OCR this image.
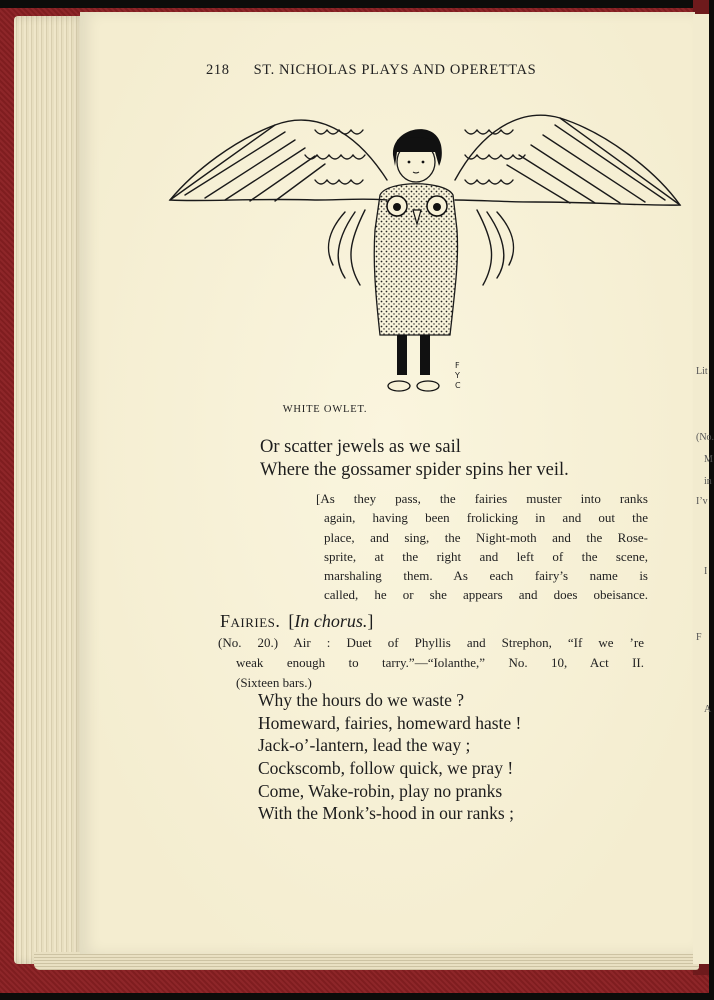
Lit
(No.
M
in
I’v
I
F
A
218 ST. NICHOLAS PLAYS AND OPERETTAS
F
Y
C
WHITE OWLET.
Or scatter jewels as we sail
Where the gossamer spider spins her veil.
[As they pass, the fairies muster into ranks
again, having been frolicking in and out the
place, and sing, the Night-moth and the Rose-
sprite, at the right and left of the scene,
marshaling them. As each fairy’s name is
called, he or she appears and does obeisance.
Fairies. [In chorus.]
(No. 20.) Air : Duet of Phyllis and Strephon, “If we ’re
weak enough to tarry.”—“Iolanthe,” No. 10, Act II.
(Sixteen bars.)
Why the hours do we waste ?
Homeward, fairies, homeward haste !
Jack-o’-lantern, lead the way ;
Cockscomb, follow quick, we pray !
Come, Wake-robin, play no pranks
With the Monk’s-hood in our ranks ;
